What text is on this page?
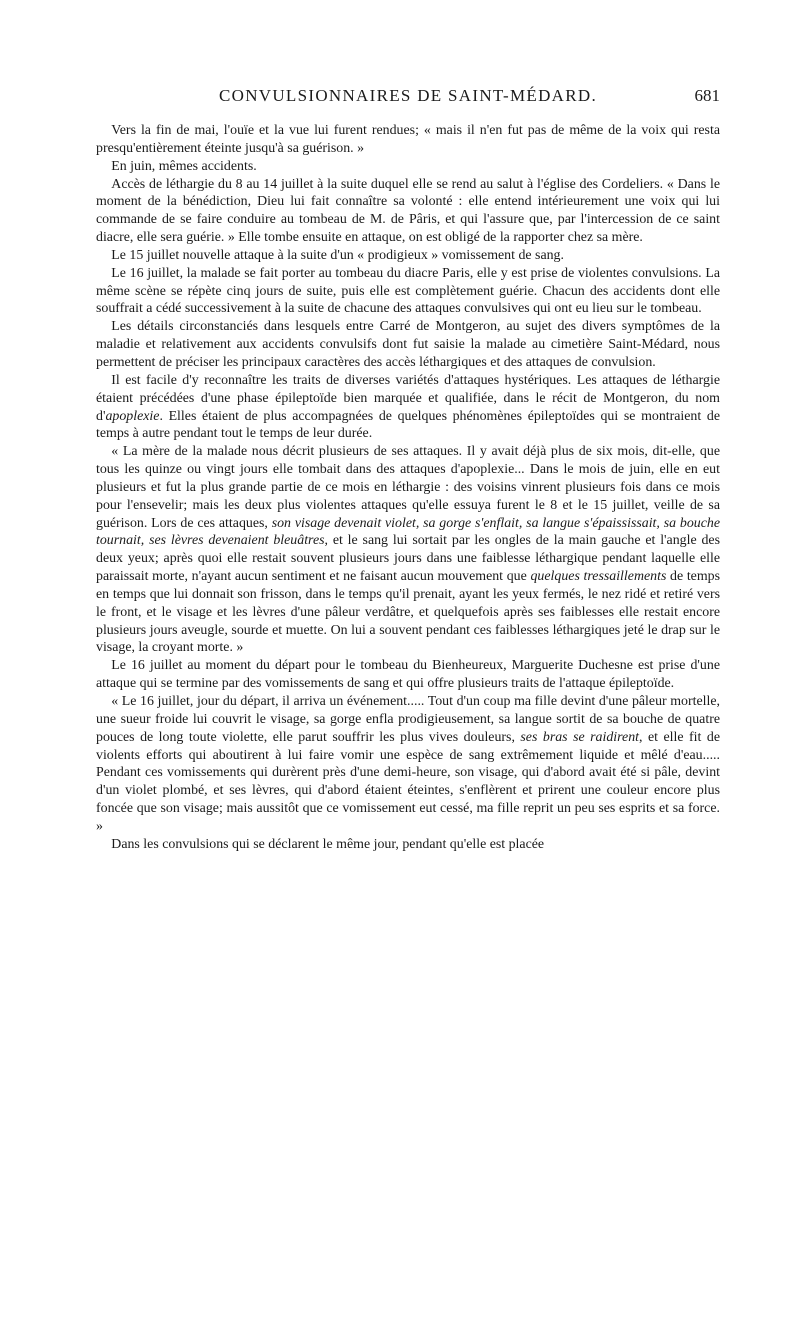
CONVULSIONNAIRES DE SAINT-MÉDARD.	681

Vers la fin de mai, l'ouïe et la vue lui furent rendues; « mais il n'en fut pas de même de la voix qui resta presqu'entièrement éteinte jusqu'à sa guérison. »

En juin, mêmes accidents.

Accès de léthargie du 8 au 14 juillet à la suite duquel elle se rend au salut à l'église des Cordeliers. « Dans le moment de la bénédiction, Dieu lui fait connaître sa volonté : elle entend intérieurement une voix qui lui commande de se faire conduire au tombeau de M. de Pâris, et qui l'assure que, par l'intercession de ce saint diacre, elle sera guérie. » Elle tombe ensuite en attaque, on est obligé de la rapporter chez sa mère.

Le 15 juillet nouvelle attaque à la suite d'un « prodigieux » vomissement de sang.

Le 16 juillet, la malade se fait porter au tombeau du diacre Paris, elle y est prise de violentes convulsions. La même scène se répète cinq jours de suite, puis elle est complètement guérie. Chacun des accidents dont elle souffrait a cédé successivement à la suite de chacune des attaques convulsives qui ont eu lieu sur le tombeau.

Les détails circonstanciés dans lesquels entre Carré de Montgeron, au sujet des divers symptômes de la maladie et relativement aux accidents convulsifs dont fut saisie la malade au cimetière Saint-Médard, nous permettent de préciser les principaux caractères des accès léthargiques et des attaques de convulsion.

Il est facile d'y reconnaître les traits de diverses variétés d'attaques hystériques. Les attaques de léthargie étaient précédées d'une phase épileptoïde bien marquée et qualifiée, dans le récit de Montgeron, du nom d'apoplexie. Elles étaient de plus accompagnées de quelques phénomènes épileptoïdes qui se montraient de temps à autre pendant tout le temps de leur durée.

« La mère de la malade nous décrit plusieurs de ses attaques. Il y avait déjà plus de six mois, dit-elle, que tous les quinze ou vingt jours elle tombait dans des attaques d'apoplexie... Dans le mois de juin, elle en eut plusieurs et fut la plus grande partie de ce mois en léthargie : des voisins vinrent plusieurs fois dans ce mois pour l'ensevelir; mais les deux plus violentes attaques qu'elle essuya furent le 8 et le 15 juillet, veille de sa guérison. Lors de ces attaques, son visage devenait violet, sa gorge s'enflait, sa langue s'épaississait, sa bouche tournait, ses lèvres devenaient bleuâtres, et le sang lui sortait par les ongles de la main gauche et l'angle des deux yeux; après quoi elle restait souvent plusieurs jours dans une faiblesse léthargique pendant laquelle elle paraissait morte, n'ayant aucun sentiment et ne faisant aucun mouvement que quelques tressaillements de temps en temps que lui donnait son frisson, dans le temps qu'il prenait, ayant les yeux fermés, le nez ridé et retiré vers le front, et le visage et les lèvres d'une pâleur verdâtre, et quelquefois après ses faiblesses elle restait encore plusieurs jours aveugle, sourde et muette. On lui a souvent pendant ces faiblesses léthargiques jeté le drap sur le visage, la croyant morte. »

Le 16 juillet au moment du départ pour le tombeau du Bienheureux, Marguerite Duchesne est prise d'une attaque qui se termine par des vomissements de sang et qui offre plusieurs traits de l'attaque épileptoïde.

« Le 16 juillet, jour du départ, il arriva un événement..... Tout d'un coup ma fille devint d'une pâleur mortelle, une sueur froide lui couvrit le visage, sa gorge enfla prodigieusement, sa langue sortit de sa bouche de quatre pouces de long toute violette, elle parut souffrir les plus vives douleurs, ses bras se raidirent, et elle fit de violents efforts qui aboutirent à lui faire vomir une espèce de sang extrêmement liquide et mêlé d'eau..... Pendant ces vomissements qui durèrent près d'une demi-heure, son visage, qui d'abord avait été si pâle, devint d'un violet plombé, et ses lèvres, qui d'abord étaient éteintes, s'enflèrent et prirent une couleur encore plus foncée que son visage; mais aussitôt que ce vomissement eut cessé, ma fille reprit un peu ses esprits et sa force. »

Dans les convulsions qui se déclarent le même jour, pendant qu'elle est placée
